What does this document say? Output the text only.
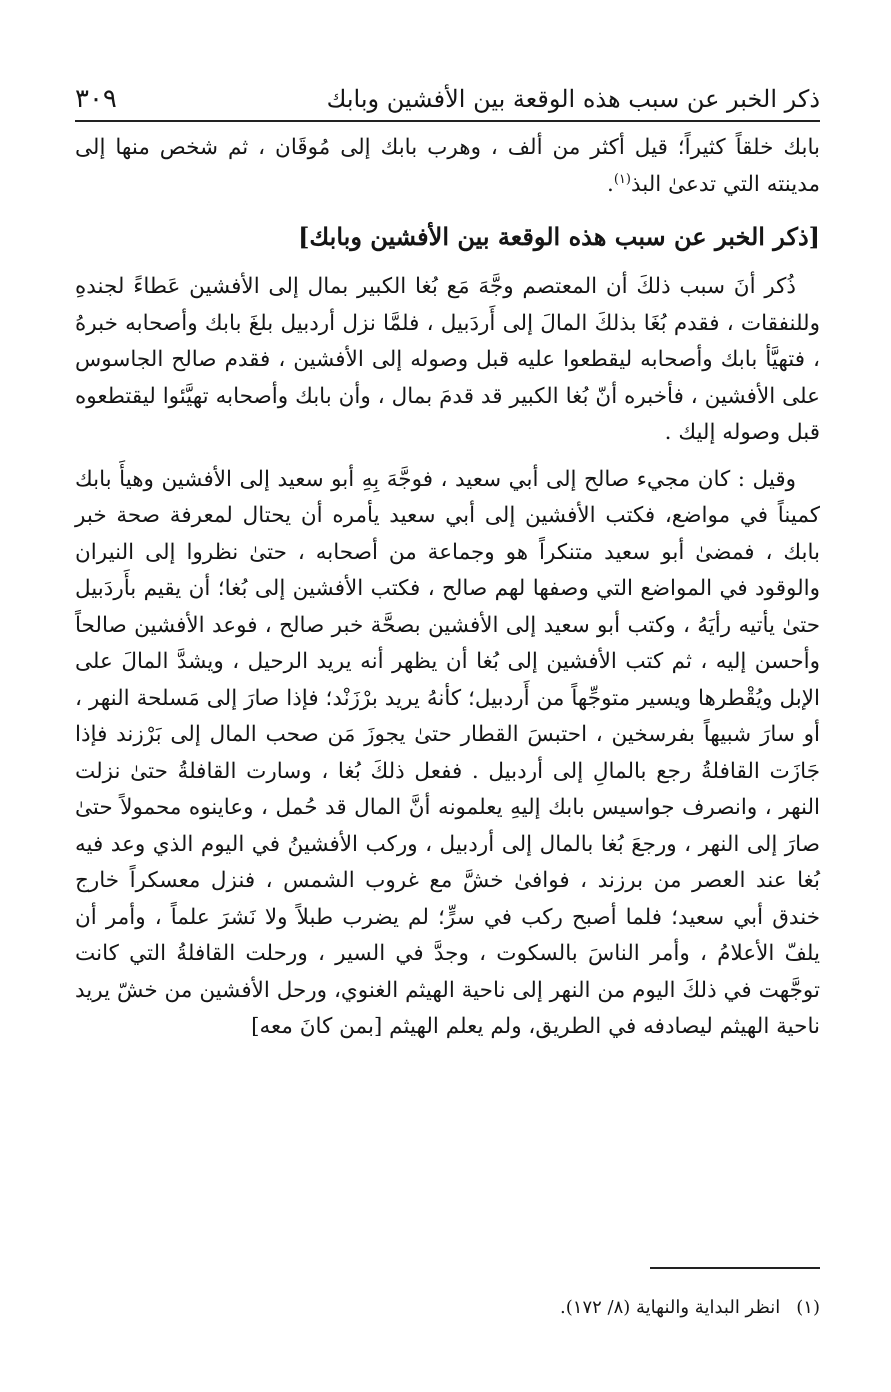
ذكر الخبر عن سبب هذه الوقعة بين الأفشين وبابك
٣٠٩

بابك خلقاً كثيراً؛ قيل أكثر من ألف ، وهرب بابك إلى مُوقَان ، ثم شخص منها إلى مدينته التي تدعىٰ البذ$^{(١)}$.

[ذكر الخبر عن سبب هذه الوقعة بين الأفشين وبابك]

ذُكر أنَ سبب ذلكَ أن المعتصم وجَّهَ مَع بُغا الكبير بمال إلى الأفشين عَطاءً لجندهِ وللنفقات ، فقدم بُغَا بذلكَ المالَ إلى أَردَبيل ، فلمَّا نزل أردبيل بلغَ بابك وأصحابه خبرهُ ، فتهيَّأ بابك وأصحابه ليقطعوا عليه قبل وصوله إلى الأفشين ، فقدم صالح الجاسوس على الأفشين ، فأخبره أنّ بُغا الكبير قد قدمَ بمال ، وأن بابك وأصحابه تهيَّئوا ليقتطعوه قبل وصوله إليك .

وقيل : كان مجيء صالح إلى أبي سعيد ، فوجَّهَ بِهِ أبو سعيد إلى الأفشين وهيأَ بابك كميناً في مواضع، فكتب الأفشين إلى أبي سعيد يأمره أن يحتال لمعرفة صحة خبر بابك ، فمضىٰ أبو سعيد متنكراً هو وجماعة من أصحابه ، حتىٰ نظروا إلى النيران والوقود في المواضع التي وصفها لهم صالح ، فكتب الأفشين إلى بُغا؛ أن يقيم بأَردَبيل حتىٰ يأتيه رأيَهُ ، وكتب أبو سعيد إلى الأفشين بصحَّة خبر صالح ، فوعد الأفشين صالحاً وأحسن إليه ، ثم كتب الأفشين إلى بُغا أن يظهر أنه يريد الرحيل ، ويشدَّ المالَ على الإبل ويُقْطرها ويسير متوجِّهاً من أَردبيل؛ كأنهُ يريد برْزَنْد؛ فإذا صارَ إلى مَسلحة النهر ، أو سارَ شبيهاً بفرسخين ، احتبسَ القطار حتىٰ يجوزَ مَن صحب المال إلى بَرْزند فإذا جَازَت القافلةُ رجع بالمالِ إلى أردبيل . ففعل ذلكَ بُغا ، وسارت القافلةُ حتىٰ نزلت النهر ، وانصرف جواسيس بابك إليهِ يعلمونه أنَّ المال قد حُمل ، وعاينوه محمولاً حتىٰ صارَ إلى النهر ، ورجعَ بُغا بالمال إلى أردبيل ، وركب الأفشينُ في اليوم الذي وعد فيه بُغا عند العصر من برزند ، فوافىٰ خشَّ مع غروب الشمس ، فنزل معسكراً خارج خندق أبي سعيد؛ فلما أصبح ركب في سرٍّ؛ لم يضرب طبلاً ولا نَشرَ علماً ، وأمر أن يلفّ الأعلامُ ، وأمر الناسَ بالسكوت ، وجدَّ في السير ، ورحلت القافلةُ التي كانت توجَّهت في ذلكَ اليوم من النهر إلى ناحية الهيثم الغنوي، ورحل الأفشين من خشّ يريد ناحية الهيثم ليصادفه في الطريق، ولم يعلم الهيثم [بمن كانَ معه]

(١)انظر البداية والنهاية (٨/ ١٧٢).
